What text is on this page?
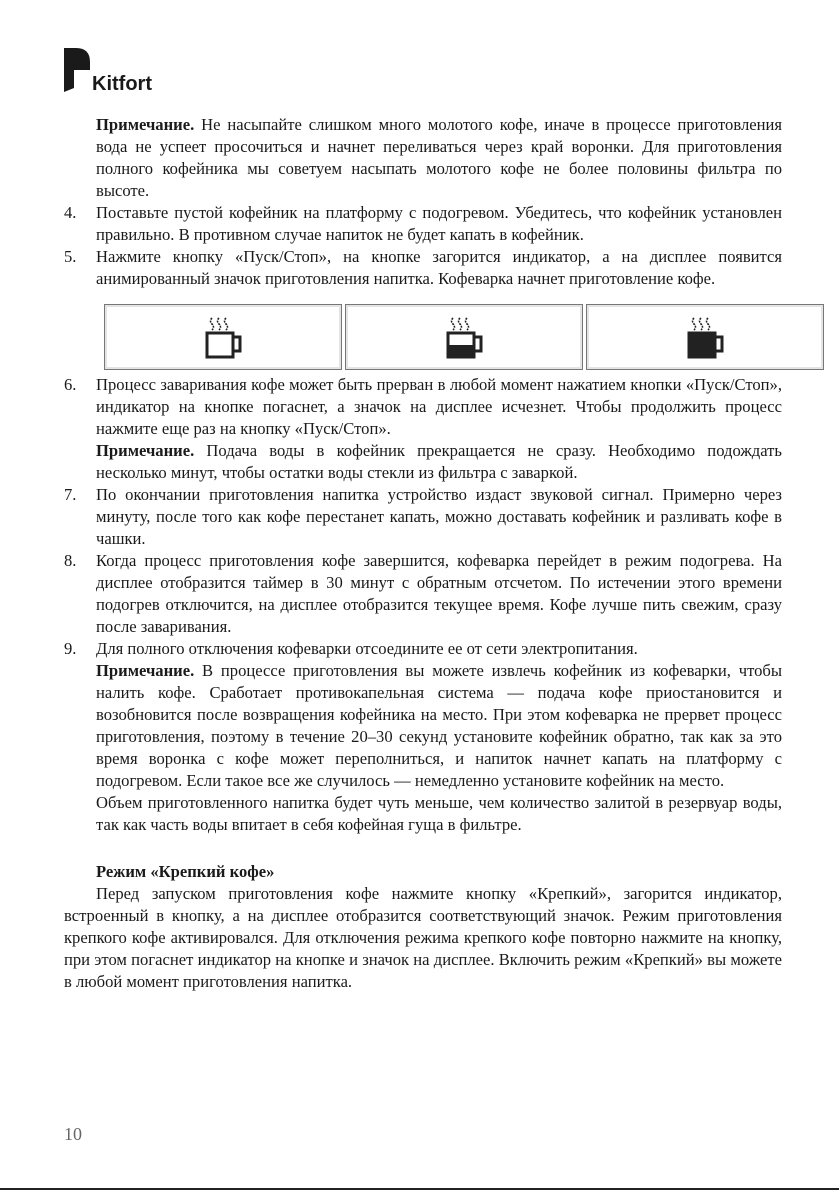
Kitfort
Примечание. Не насыпайте слишком много молотого кофе, иначе в процессе приготовления вода не успеет просочиться и начнет переливаться через край воронки. Для приготовления полного кофейника мы советуем насыпать молотого кофе не более половины фильтра по высоте.
4. Поставьте пустой кофейник на платформу с подогревом. Убедитесь, что кофейник установлен правильно. В противном случае напиток не будет капать в кофейник.
5. Нажмите кнопку «Пуск/Стоп», на кнопке загорится индикатор, а на дисплее появится анимированный значок приготовления напитка. Кофеварка начнет приготовление кофе.
6. Процесс заваривания кофе может быть прерван в любой момент нажатием кнопки «Пуск/Стоп», индикатор на кнопке погаснет, а значок на дисплее исчезнет. Чтобы продолжить процесс нажмите еще раз на кнопку «Пуск/Стоп».

Примечание. Подача воды в кофейник прекращается не сразу. Необходимо подождать несколько минут, чтобы остатки воды стекли из фильтра с заваркой.

7. По окончании приготовления напитка устройство издаст звуковой сигнал. Примерно через минуту, после того как кофе перестанет капать, можно доставать кофейник и разливать кофе в чашки.
8. Когда процесс приготовления кофе завершится, кофеварка перейдет в режим подогрева. На дисплее отобразится таймер в 30 минут с обратным отсчетом. По истечении этого времени подогрев отключится, на дисплее отобразится текущее время. Кофе лучше пить свежим, сразу после заваривания.
9. Для полного отключения кофеварки отсоедините ее от сети электропитания.

Примечание. В процессе приготовления вы можете извлечь кофейник из кофеварки, чтобы налить кофе. Сработает противокапельная система — подача кофе приостановится и возобновится после возвращения кофейника на место. При этом кофеварка не прервет процесс приготовления, поэтому в течение 20–30 секунд установите кофейник обратно, так как за это время воронка с кофе может переполниться, и напиток начнет капать на платформу с подогревом. Если такое все же случилось — немедленно установите кофейник на место.

Объем приготовленного напитка будет чуть меньше, чем количество залитой в резервуар воды, так как часть воды впитает в себя кофейная гуща в фильтре.

Режим «Крепкий кофе»

Перед запуском приготовления кофе нажмите кнопку «Крепкий», загорится индикатор, встроенный в кнопку, а на дисплее отобразится соответствующий значок. Режим приготовления крепкого кофе активировался. Для отключения режима крепкого кофе повторно нажмите на кнопку, при этом погаснет индикатор на кнопке и значок на дисплее. Включить режим «Крепкий» вы можете в любой момент приготовления напитка.

10
